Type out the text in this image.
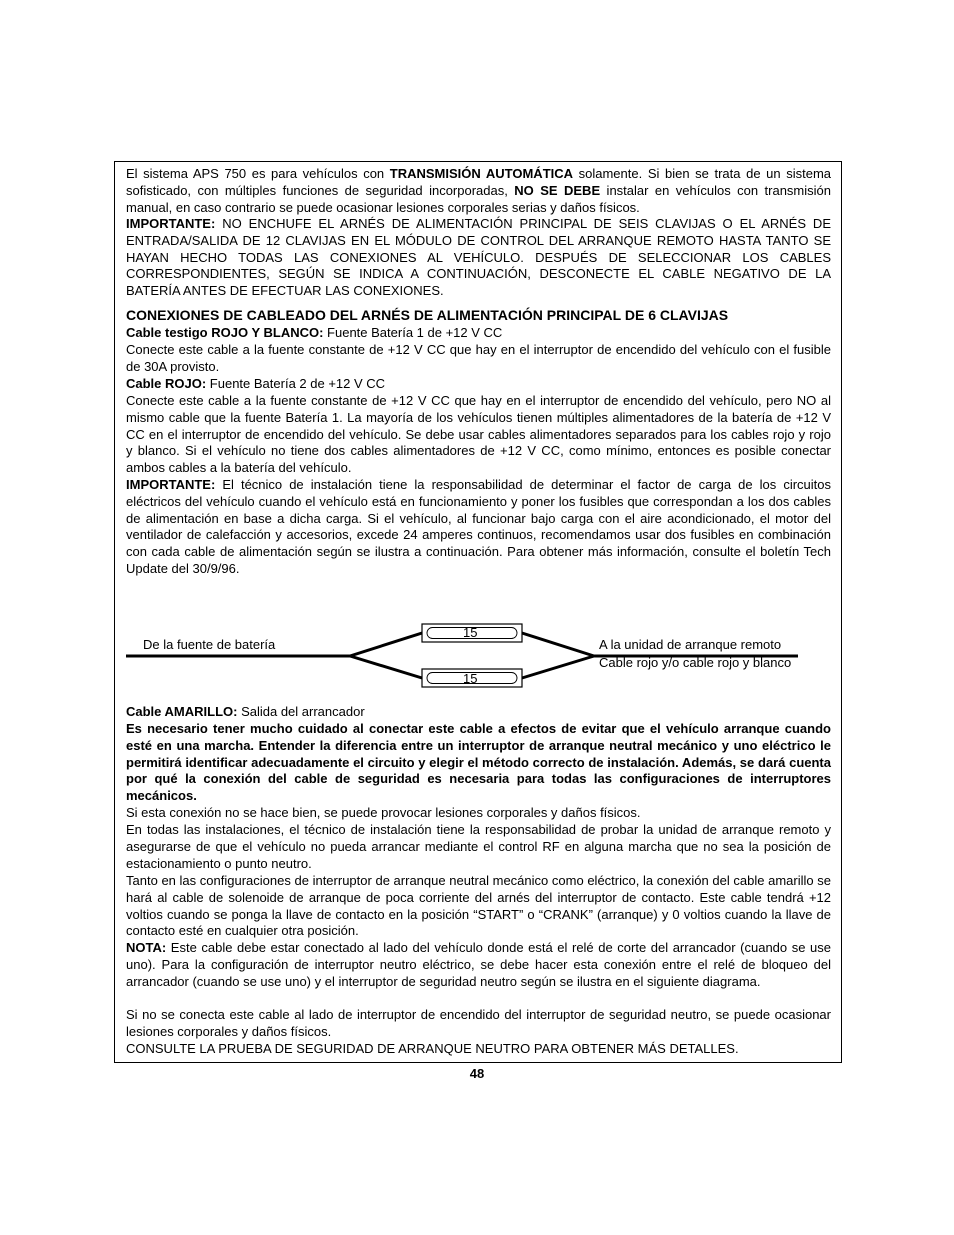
El sistema APS 750 es para vehículos con TRANSMISIÓN AUTOMÁTICA solamente. Si bien se trata de un sistema sofisticado, con múltiples funciones de seguridad incorporadas, NO SE DEBE instalar en vehículos con transmisión manual, en caso contrario se puede ocasionar lesiones corporales serias y daños físicos.

IMPORTANTE: NO ENCHUFE EL ARNÉS DE ALIMENTACIÓN PRINCIPAL DE SEIS CLAVIJAS O EL ARNÉS DE ENTRADA/SALIDA DE 12 CLAVIJAS EN EL MÓDULO DE CONTROL DEL ARRANQUE REMOTO HASTA TANTO SE HAYAN HECHO TODAS LAS CONEXIONES AL VEHÍCULO. DESPUÉS DE SELECCIONAR LOS CABLES CORRESPONDIENTES, SEGÚN SE INDICA A CONTINUACIÓN, DESCONECTE EL CABLE NEGATIVO DE LA BATERÍA ANTES DE EFECTUAR LAS CONEXIONES.

CONEXIONES DE CABLEADO DEL ARNÉS DE ALIMENTACIÓN PRINCIPAL DE 6 CLAVIJAS

Cable testigo ROJO Y BLANCO: Fuente Batería 1 de +12 V CC

Conecte este cable a la fuente constante de +12 V CC que hay en el interruptor de encendido del vehículo con el fusible de 30A provisto.

Cable ROJO: Fuente Batería 2 de +12 V CC

Conecte este cable a la fuente constante de +12 V CC que hay en el interruptor de encendido del vehículo, pero NO al mismo cable que la fuente Batería 1. La mayoría de los vehículos tienen múltiples alimentadores de la batería de +12 V CC en el interruptor de encendido del vehículo. Se debe usar cables alimentadores separados para los cables rojo y rojo y blanco. Si el vehículo no tiene dos cables alimentadores de +12 V CC, como mínimo, entonces es posible conectar ambos cables a la batería del vehículo.

IMPORTANTE: El técnico de instalación tiene la responsabilidad de determinar el factor de carga de los circuitos eléctricos del vehículo cuando el vehículo está en funcionamiento y poner los fusibles que correspondan a los dos cables de alimentación en base a dicha carga. Si el vehículo, al funcionar bajo carga con el aire acondicionado, el motor del ventilador de calefacción y accesorios, excede 24 amperes continuos, recomendamos usar dos fusibles en combinación con cada cable de alimentación según se ilustra a continuación. Para obtener más información, consulte el boletín Tech Update del 30/9/96.

De la fuente de batería
15
15
A la unidad de arranque remoto
Cable rojo y/o cable rojo y blanco

Cable AMARILLO: Salida del arrancador

Es necesario tener mucho cuidado al conectar este cable a efectos de evitar que el vehículo arranque cuando esté en una marcha. Entender la diferencia entre un interruptor de arranque neutral mecánico y uno eléctrico le permitirá identificar adecuadamente el circuito y elegir el método correcto de instalación. Además, se dará cuenta por qué la conexión del cable de seguridad es necesaria para todas las configuraciones de interruptores mecánicos.

Si esta conexión no se hace bien, se puede provocar lesiones corporales y daños físicos.

En todas las instalaciones, el técnico de instalación tiene la responsabilidad de probar la unidad de arranque remoto y asegurarse de que el vehículo no pueda arrancar mediante el control RF en alguna marcha que no sea la posición de estacionamiento o punto neutro.

Tanto en las configuraciones de interruptor de arranque neutral mecánico como eléctrico, la conexión del cable amarillo se hará al cable de solenoide de arranque de poca corriente del arnés del interruptor de contacto. Este cable tendrá +12 voltios cuando se ponga la llave de contacto en la posición “START” o “CRANK” (arranque) y 0 voltios cuando la llave de contacto esté en cualquier otra posición.

NOTA: Este cable debe estar conectado al lado del vehículo donde está el relé de corte del arrancador (cuando se use uno). Para la configuración de interruptor neutro eléctrico, se debe hacer esta conexión entre el relé de bloqueo del arrancador (cuando se use uno) y el interruptor de seguridad neutro según se ilustra en el siguiente diagrama.

Si no se conecta este cable al lado de interruptor de encendido del interruptor de seguridad neutro, se puede ocasionar lesiones corporales y daños físicos.

CONSULTE LA PRUEBA DE SEGURIDAD DE ARRANQUE NEUTRO PARA OBTENER MÁS DETALLES.

48
